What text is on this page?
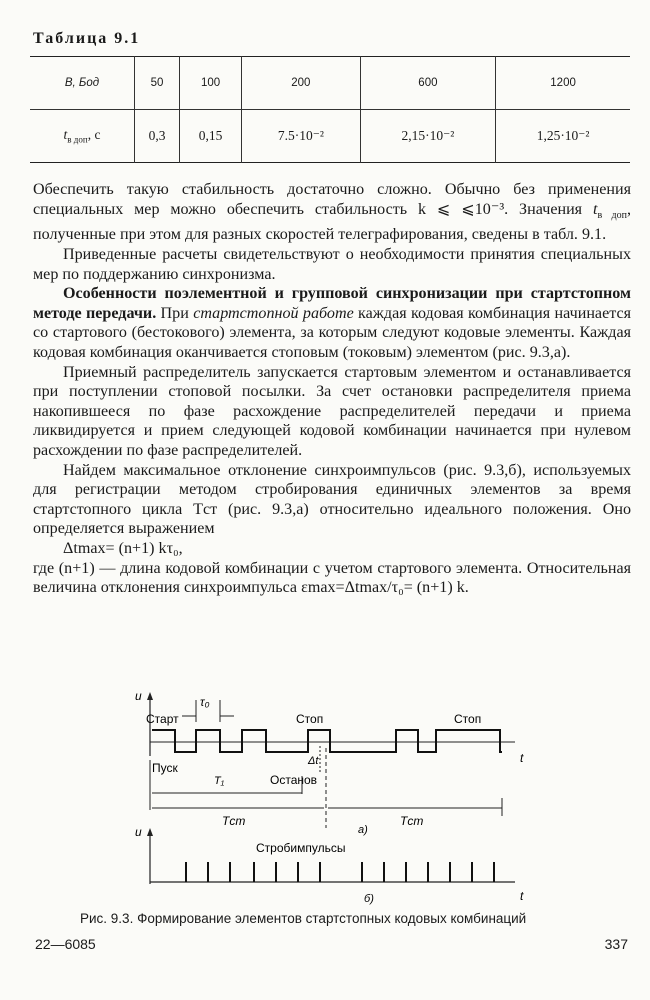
Таблица 9.1
B, Бод	50	100	200	600	1200
$t_{в доп}$, с	0,3	0,15	7.5·10⁻²	2,15·10⁻²	1,25·10⁻²

Обеспечить такую стабильность достаточно сложно. Обычно без применения специальных мер можно обеспечить стабильность k ⩽ ⩽10⁻³. Значения $t_{в доп}$, полученные при этом для разных скоростей телеграфирования, сведены в табл. 9.1.

Приведенные расчеты свидетельствуют о необходимости принятия специальных мер по поддержанию синхронизма.

Особенности поэлементной и групповой синхронизации при стартстопном методе передачи. При стартстопной работе каждая кодовая комбинация начинается со стартового (бестокового) элемента, за которым следуют кодовые элементы. Каждая кодовая комбинация оканчивается стоповым (токовым) элементом (рис. 9.3,a).

Приемный распределитель запускается стартовым элементом и останавливается при поступлении стоповой посылки. За счет остановки распределителя приема накопившееся по фазе расхождение распределителей передачи и приема ликвидируется и прием следующей кодовой комбинации начинается при нулевом расхождении по фазе распределителей.

Найдем максимальное отклонение синхроимпульсов (рис. 9.3,б), используемых для регистрации методом стробирования единичных элементов за время стартстопного цикла Tст (рис. 9.3,a) относительно идеального положения. Оно определяется выражением

Δtmax= (n+1) kτ₀,

где (n+1) — длина кодовой комбинации с учетом стартового элемента. Относительная величина отклонения синхроимпульса εmax=Δtmax/τ₀= (n+1) k.

u
t
τ₀
Старт	Стоп	Стоп
Пуск	Δt
Останов
T₁
Tст	Tст
a)
u
t
Стробимпульсы
б)
Рис. 9.3. Формирование элементов стартстопных кодовых комбинаций
22—6085	337
